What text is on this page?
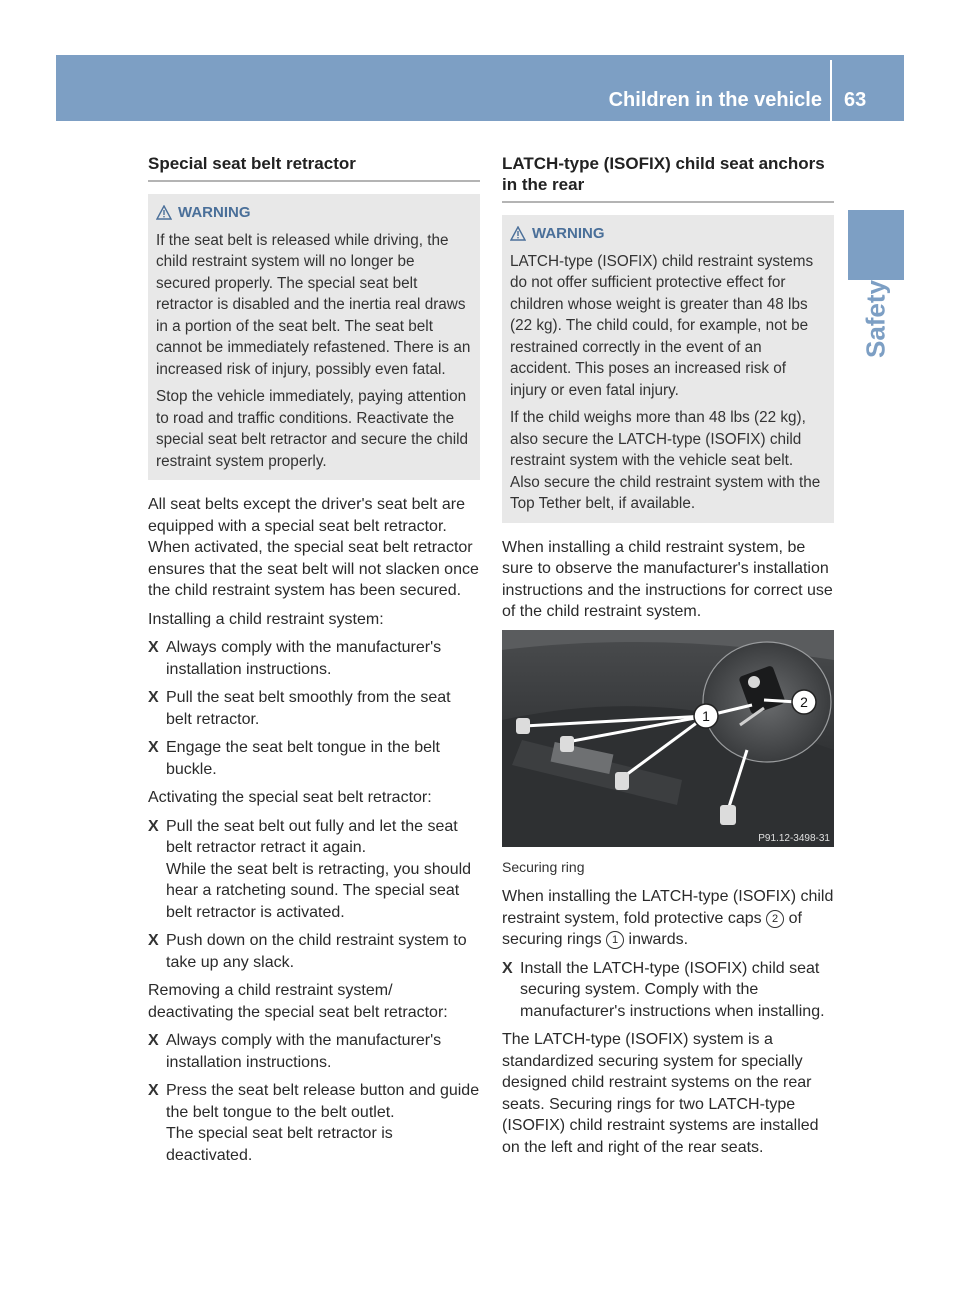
Children in the vehicle 63
Safety
Special seat belt retractor
WARNING

If the seat belt is released while driving, the child restraint system will no longer be secured properly. The special seat belt retractor is disabled and the inertia real draws in a portion of the seat belt. The seat belt cannot be immediately refastened. There is an increased risk of injury, possibly even fatal.

Stop the vehicle immediately, paying attention to road and traffic conditions. Reactivate the special seat belt retractor and secure the child restraint system properly.

All seat belts except the driver's seat belt are equipped with a special seat belt retractor. When activated, the special seat belt retractor ensures that the seat belt will not slacken once the child restraint system has been secured.

Installing a child restraint system:

X Always comply with the manufacturer's installation instructions.
X Pull the seat belt smoothly from the seat belt retractor.
X Engage the seat belt tongue in the belt buckle.

Activating the special seat belt retractor:

X Pull the seat belt out fully and let the seat belt retractor retract it again.
While the seat belt is retracting, you should hear a ratcheting sound. The special seat belt retractor is activated.
X Push down on the child restraint system to take up any slack.

Removing a child restraint system/ deactivating the special seat belt retractor:

X Always comply with the manufacturer's installation instructions.
X Press the seat belt release button and guide the belt tongue to the belt outlet.
The special seat belt retractor is deactivated.
LATCH-type (ISOFIX) child seat anchors in the rear
WARNING

LATCH-type (ISOFIX) child restraint systems do not offer sufficient protective effect for children whose weight is greater than 48 lbs (22 kg). The child could, for example, not be restrained correctly in the event of an accident. This poses an increased risk of injury or even fatal injury.

If the child weighs more than 48 lbs (22 kg), also secure the LATCH-type (ISOFIX) child restraint system with the vehicle seat belt. Also secure the child restraint system with the Top Tether belt, if available.

When installing a child restraint system, be sure to observe the manufacturer's installation instructions and the instructions for correct use of the child restraint system.

1
2
P91.12-3498-31

Securing ring

When installing the LATCH-type (ISOFIX) child restraint system, fold protective caps 2 of securing rings 1 inwards.

X Install the LATCH-type (ISOFIX) child seat securing system. Comply with the manufacturer's instructions when installing.

The LATCH-type (ISOFIX) system is a standardized securing system for specially designed child restraint systems on the rear seats. Securing rings for two LATCH-type (ISOFIX) child restraint systems are installed on the left and right of the rear seats.
